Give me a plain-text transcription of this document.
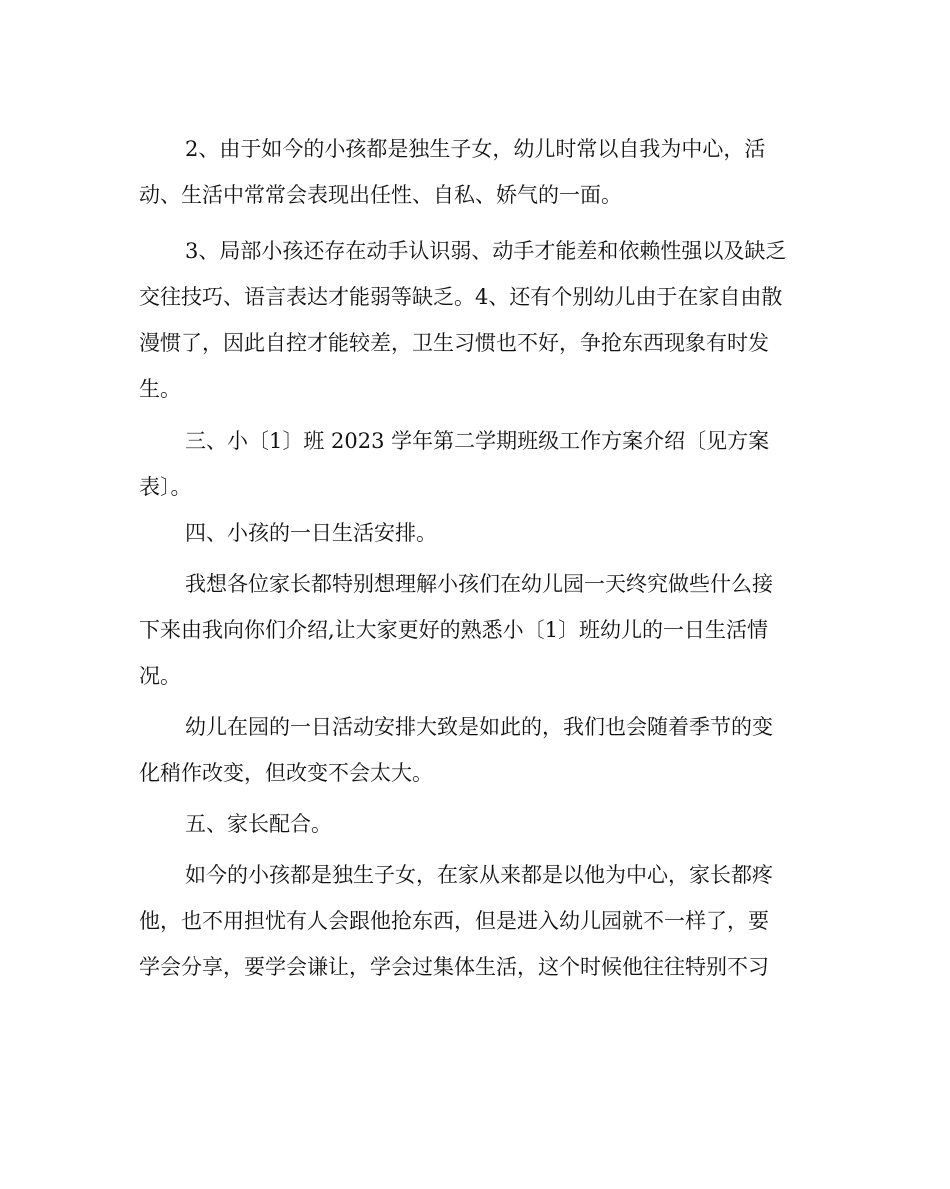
2、由于如今的小孩都是独生子女，幼儿时常以自我为中心，活

动、生活中常常会表现出任性、自私、娇气的一面。

3、局部小孩还存在动手认识弱、动手才能差和依赖性强以及缺乏

交往技巧、语言表达才能弱等缺乏。4、还有个别幼儿由于在家自由散

漫惯了，因此自控才能较差，卫生习惯也不好，争抢东西现象有时发

生。

三、小〔1〕班 2023 学年第二学期班级工作方案介绍〔见方案

表〕。

四、小孩的一日生活安排。

我想各位家长都特别想理解小孩们在幼儿园一天终究做些什么接

下来由我向你们介绍,让大家更好的熟悉小〔1〕班幼儿的一日生活情

况。

幼儿在园的一日活动安排大致是如此的，我们也会随着季节的变

化稍作改变，但改变不会太大。

五、家长配合。

如今的小孩都是独生子女，在家从来都是以他为中心，家长都疼

他，也不用担忧有人会跟他抢东西，但是进入幼儿园就不一样了，要

学会分享，要学会谦让，学会过集体生活，这个时候他往往特别不习
